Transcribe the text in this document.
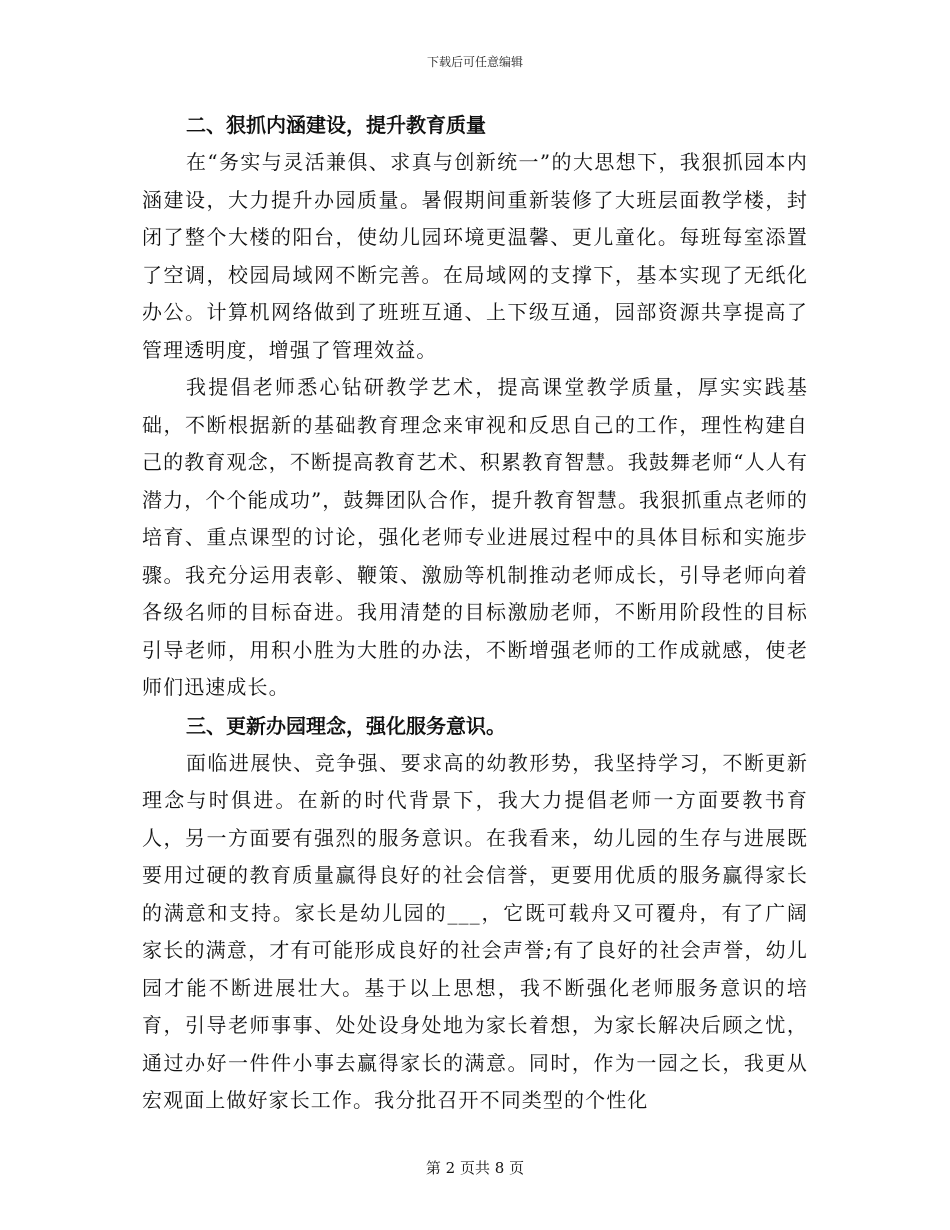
下载后可任意编辑
二、狠抓内涵建设，提升教育质量

在“务实与灵活兼俱、求真与创新统一”的大思想下，我狠抓园本内涵建设，大力提升办园质量。暑假期间重新装修了大班层面教学楼，封闭了整个大楼的阳台，使幼儿园环境更温馨、更儿童化。每班每室添置了空调，校园局域网不断完善。在局域网的支撑下，基本实现了无纸化办公。计算机网络做到了班班互通、上下级互通，园部资源共享提高了管理透明度，增强了管理效益。

我提倡老师悉心钻研教学艺术，提高课堂教学质量，厚实实践基础，不断根据新的基础教育理念来审视和反思自己的工作，理性构建自己的教育观念，不断提高教育艺术、积累教育智慧。我鼓舞老师“人人有潜力，个个能成功”，鼓舞团队合作，提升教育智慧。我狠抓重点老师的培育、重点课型的讨论，强化老师专业进展过程中的具体目标和实施步骤。我充分运用表彰、鞭策、激励等机制推动老师成长，引导老师向着各级名师的目标奋进。我用清楚的目标激励老师，不断用阶段性的目标引导老师，用积小胜为大胜的办法，不断增强老师的工作成就感，使老师们迅速成长。

三、更新办园理念，强化服务意识。

面临进展快、竞争强、要求高的幼教形势，我坚持学习，不断更新理念与时俱进。在新的时代背景下，我大力提倡老师一方面要教书育人，另一方面要有强烈的服务意识。在我看来，幼儿园的生存与进展既要用过硬的教育质量赢得良好的社会信誉，更要用优质的服务赢得家长的满意和支持。家长是幼儿园的___，它既可载舟又可覆舟，有了广阔家长的满意，才有可能形成良好的社会声誉;有了良好的社会声誉，幼儿园才能不断进展壮大。基于以上思想，我不断强化老师服务意识的培育，引导老师事事、处处设身处地为家长着想，为家长解决后顾之忧，通过办好一件件小事去赢得家长的满意。同时，作为一园之长，我更从宏观面上做好家长工作。我分批召开不同类型的个性化

第 2 页共 8 页
